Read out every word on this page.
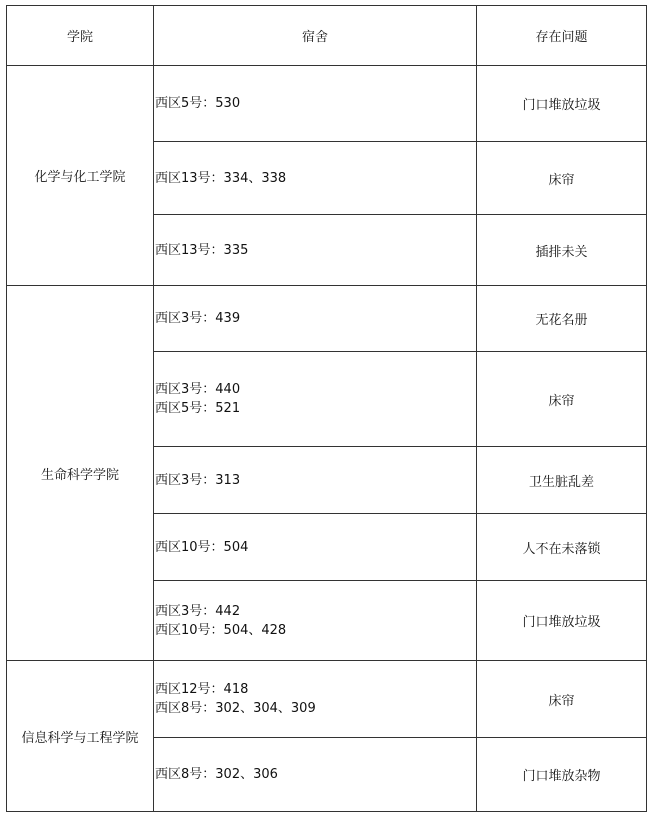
学院	宿舍	存在问题
化学与化工学院	西区5号：530	门口堆放垃圾

	西区13号：334、338	床帘

	西区13号：335	插排未关
生命科学学院	西区3号：439	无花名册

	西区3号：440
西区5号：521	床帘

	西区3号：313	卫生脏乱差

	西区10号：504	人不在未落锁

	西区3号：442
西区10号：504、428	门口堆放垃圾
信息科学与工程学院	西区12号：418
西区8号：302、304、309	床帘

	西区8号：302、306	门口堆放杂物
